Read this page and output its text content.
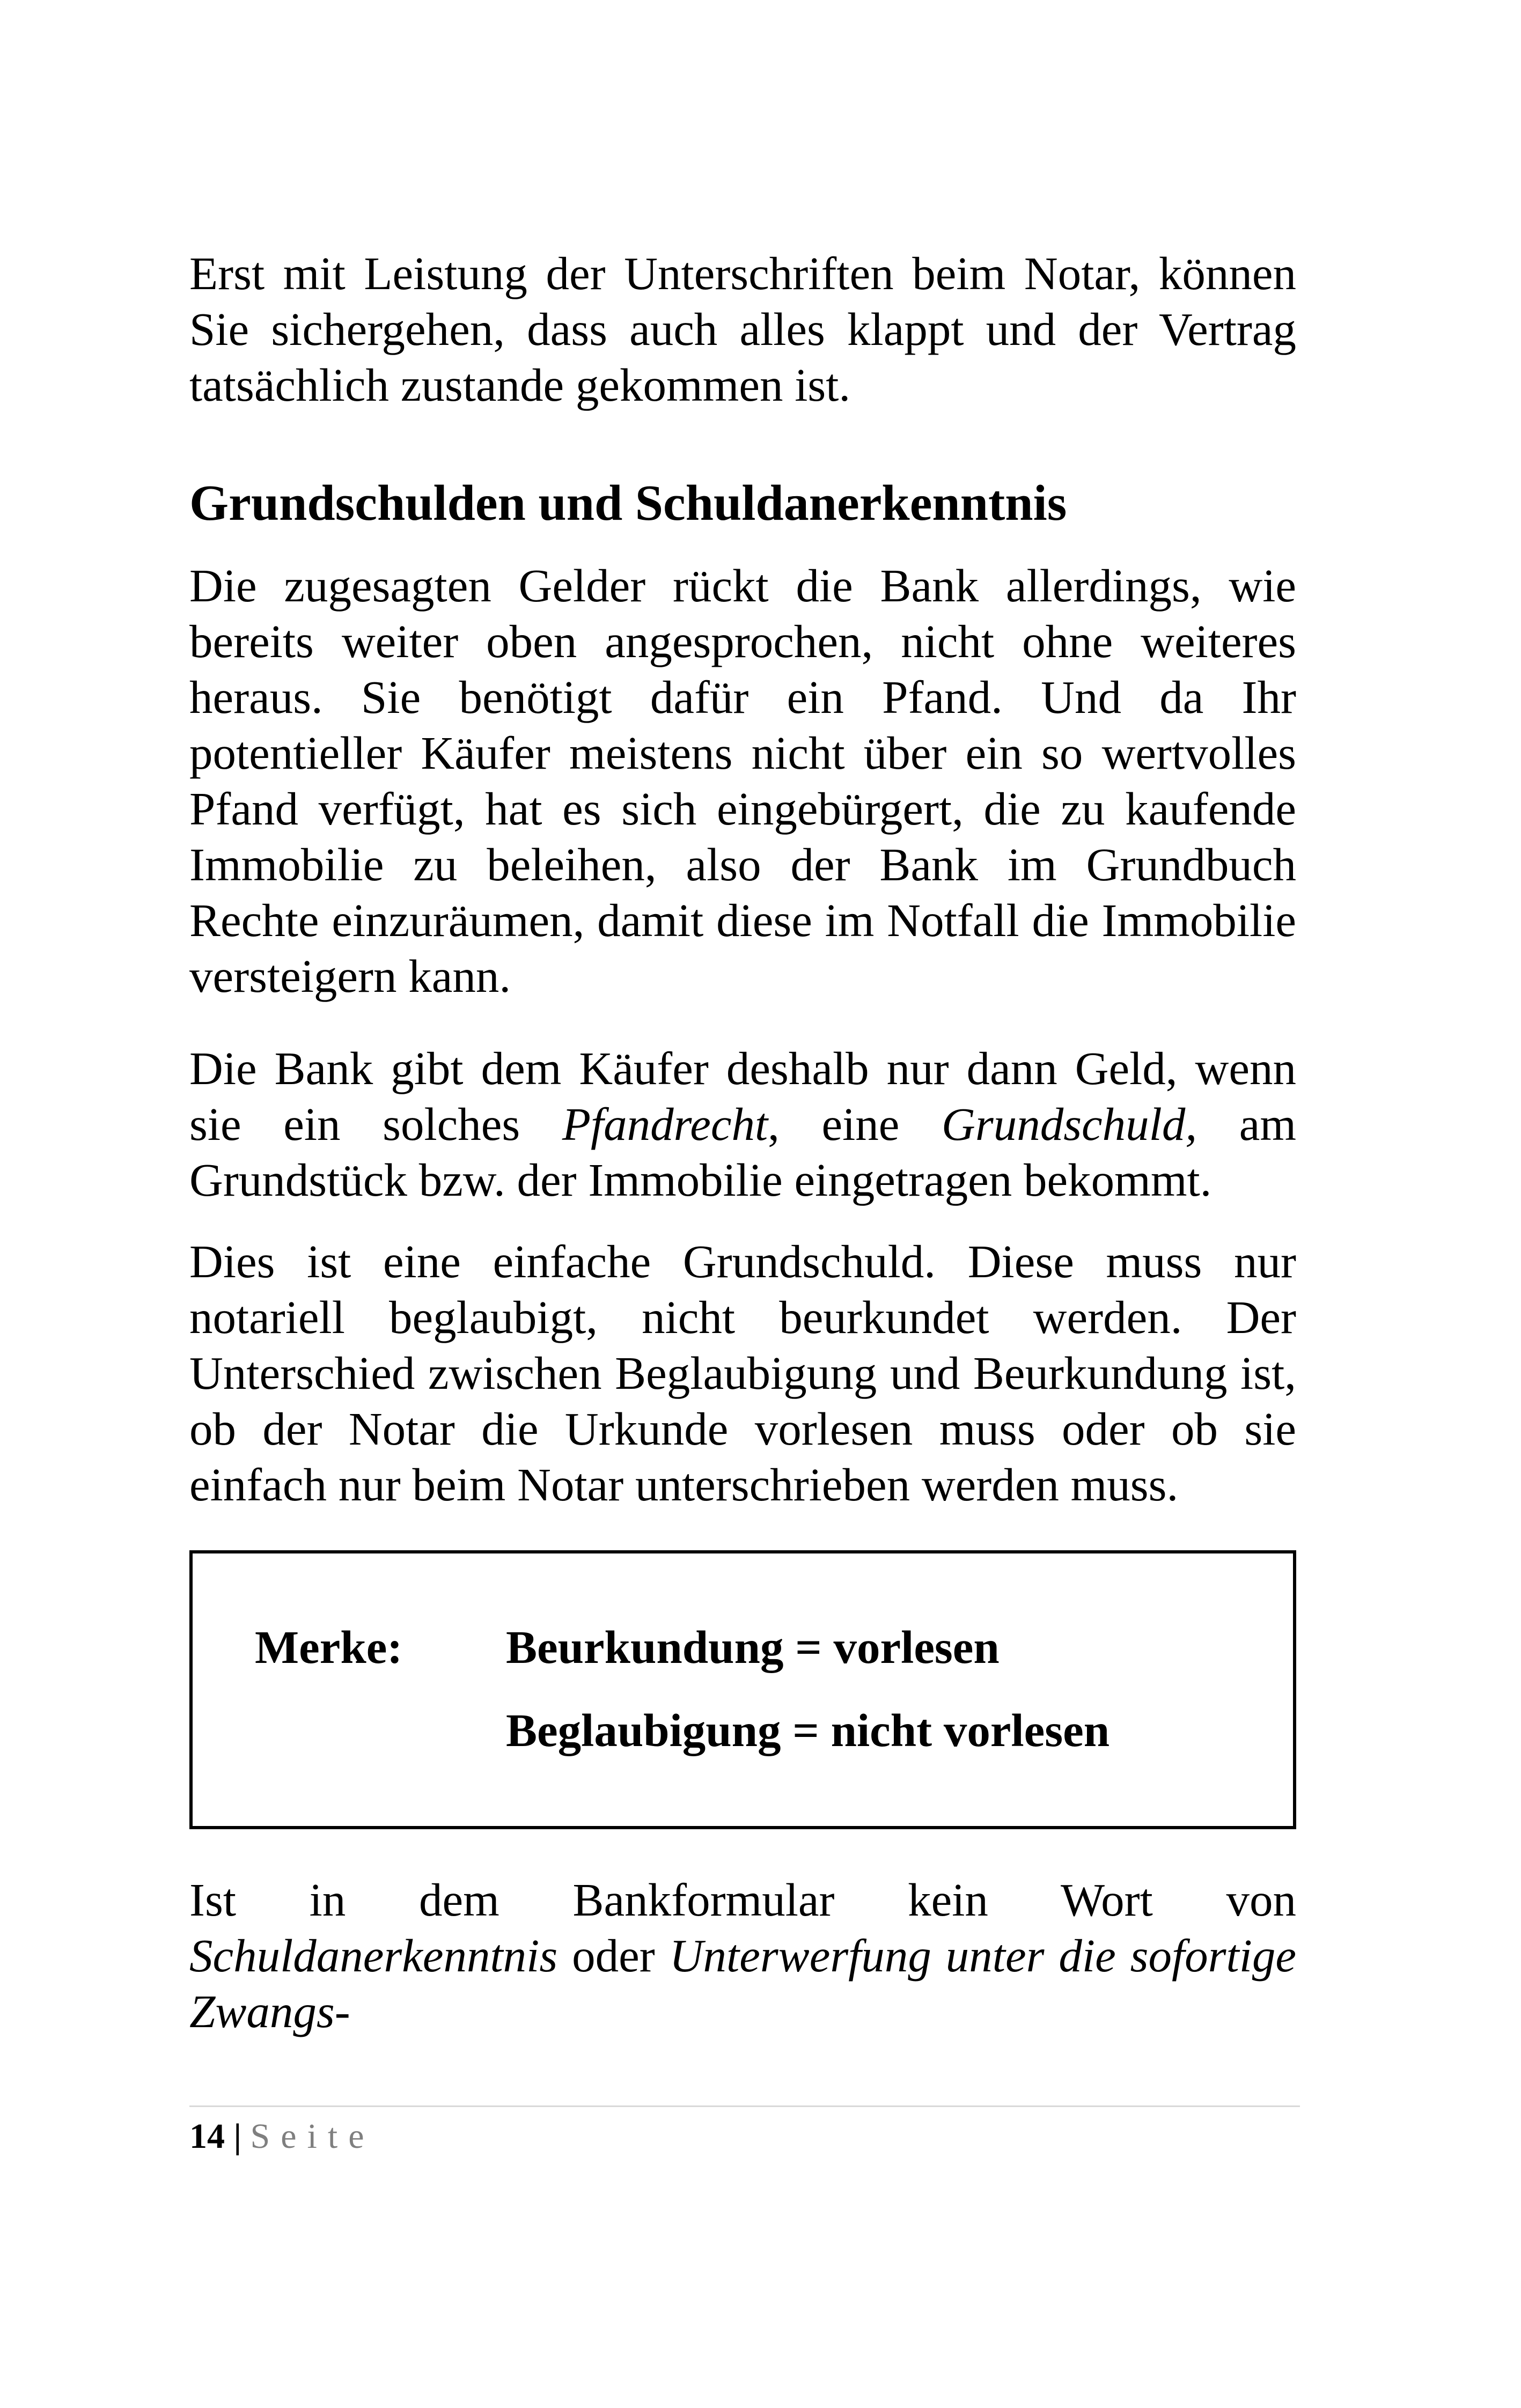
Erst mit Leistung der Unterschriften beim Notar, können Sie sichergehen, dass auch alles klappt und der Vertrag tatsächlich zustande gekommen ist.

Grundschulden und Schuldanerkenntnis

Die zugesagten Gelder rückt die Bank allerdings, wie bereits weiter oben angesprochen, nicht ohne weiteres heraus. Sie benötigt dafür ein Pfand. Und da Ihr potentieller Käufer meistens nicht über ein so wertvolles Pfand verfügt, hat es sich eingebürgert, die zu kaufende Immobilie zu beleihen, also der Bank im Grundbuch Rechte einzuräumen, damit diese im Notfall die Immobilie versteigern kann.

Die Bank gibt dem Käufer deshalb nur dann Geld, wenn sie ein solches Pfandrecht, eine Grundschuld, am Grundstück bzw. der Immobilie eingetragen bekommt.

Dies ist eine einfache Grundschuld. Diese muss nur notariell beglaubigt, nicht beurkundet werden. Der Unterschied zwischen Beglaubigung und Beurkundung ist, ob der Notar die Urkunde vorlesen muss oder ob sie einfach nur beim Notar unterschrieben werden muss.

Merke: Beurkundung = vorlesen
Beglaubigung = nicht vorlesen

Ist in dem Bankformular kein Wort von Schuldanerkenntnis oder Unterwerfung unter die sofortige Zwangs-

14 | Seite
